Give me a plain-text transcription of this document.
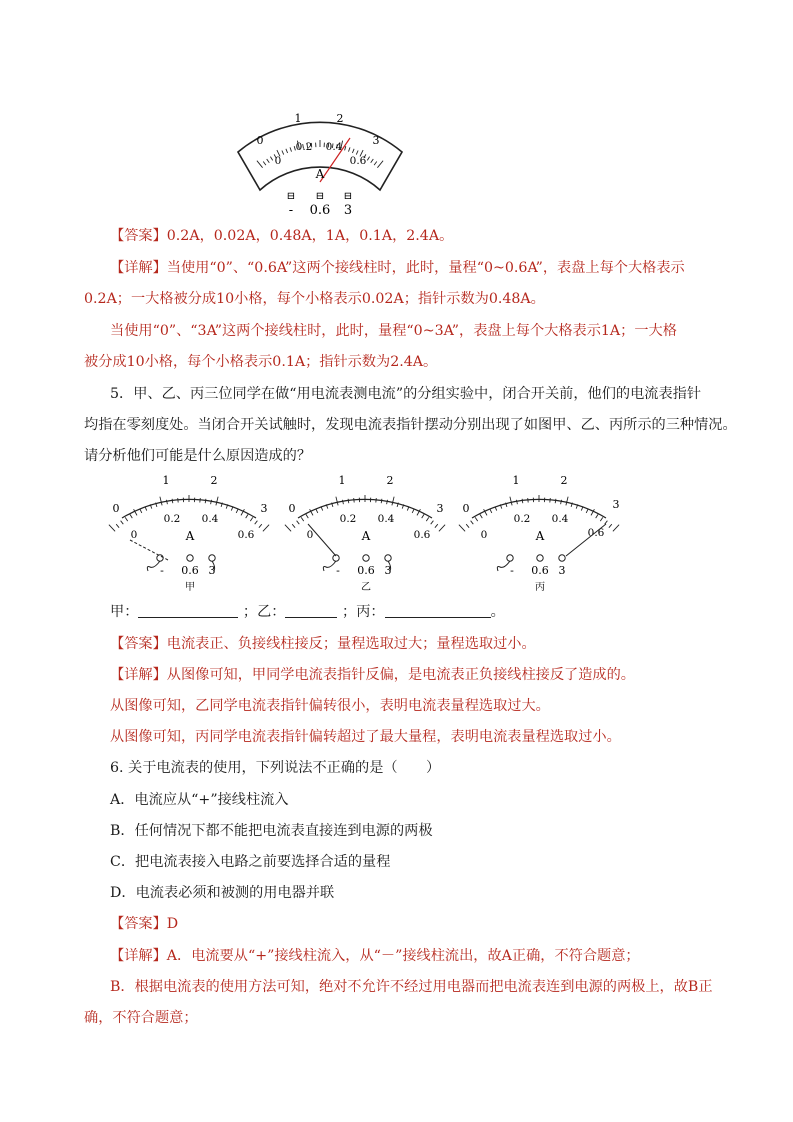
0
1	2
3
0
0.2 0.4
0.6
A
⊟ ⊟ ⊟
- 0.6 3
【答案】0.2A，0.02A，0.48A，1A，0.1A，2.4A。
【详解】当使用“0”、“0.6A”这两个接线柱时，此时，量程“0~0.6A”，表盘上每个大格表示
0.2A；一大格被分成10小格，每个小格表示0.02A；指针示数为0.48A。
当使用“0”、“3A”这两个接线柱时，此时，量程“0~3A”，表盘上每个大格表示1A；一大格
被分成10小格，每个小格表示0.1A；指针示数为2.4A。
5．甲、乙、丙三位同学在做“用电流表测电流”的分组实验中，闭合开关前，他们的电流表指针
均指在零刻度处。当闭合开关试触时，发现电流表指针摆动分别出现了如图甲、乙、丙所示的三种情况。
请分析他们可能是什么原因造成的？
0
1	2
3
0
0.2 0.4
0.6
A
- 0.6 3
甲
0
1	2
3
0
0.2 0.4
0.6
A
- 0.6 3
乙
0
1	2
3
0
0.2 0.4
0.6
A
- 0.6 3
丙
甲：	；乙：	；丙：	。
【答案】电流表正、负接线柱接反；量程选取过大；量程选取过小。
【详解】从图像可知，甲同学电流表指针反偏，是电流表正负接线柱接反了造成的。
从图像可知，乙同学电流表指针偏转很小，表明电流表量程选取过大。
从图像可知，丙同学电流表指针偏转超过了最大量程，表明电流表量程选取过小。
6. 关于电流表的使用，下列说法不正确的是（　　）
A．电流应从“+”接线柱流入
B．任何情况下都不能把电流表直接连到电源的两极
C．把电流表接入电路之前要选择合适的量程
D．电流表必须和被测的用电器并联
【答案】D
【详解】A．电流要从“+”接线柱流入，从“－”接线柱流出，故A正确，不符合题意；
B．根据电流表的使用方法可知，绝对不允许不经过用电器而把电流表连到电源的两极上，故B正
确，不符合题意；
